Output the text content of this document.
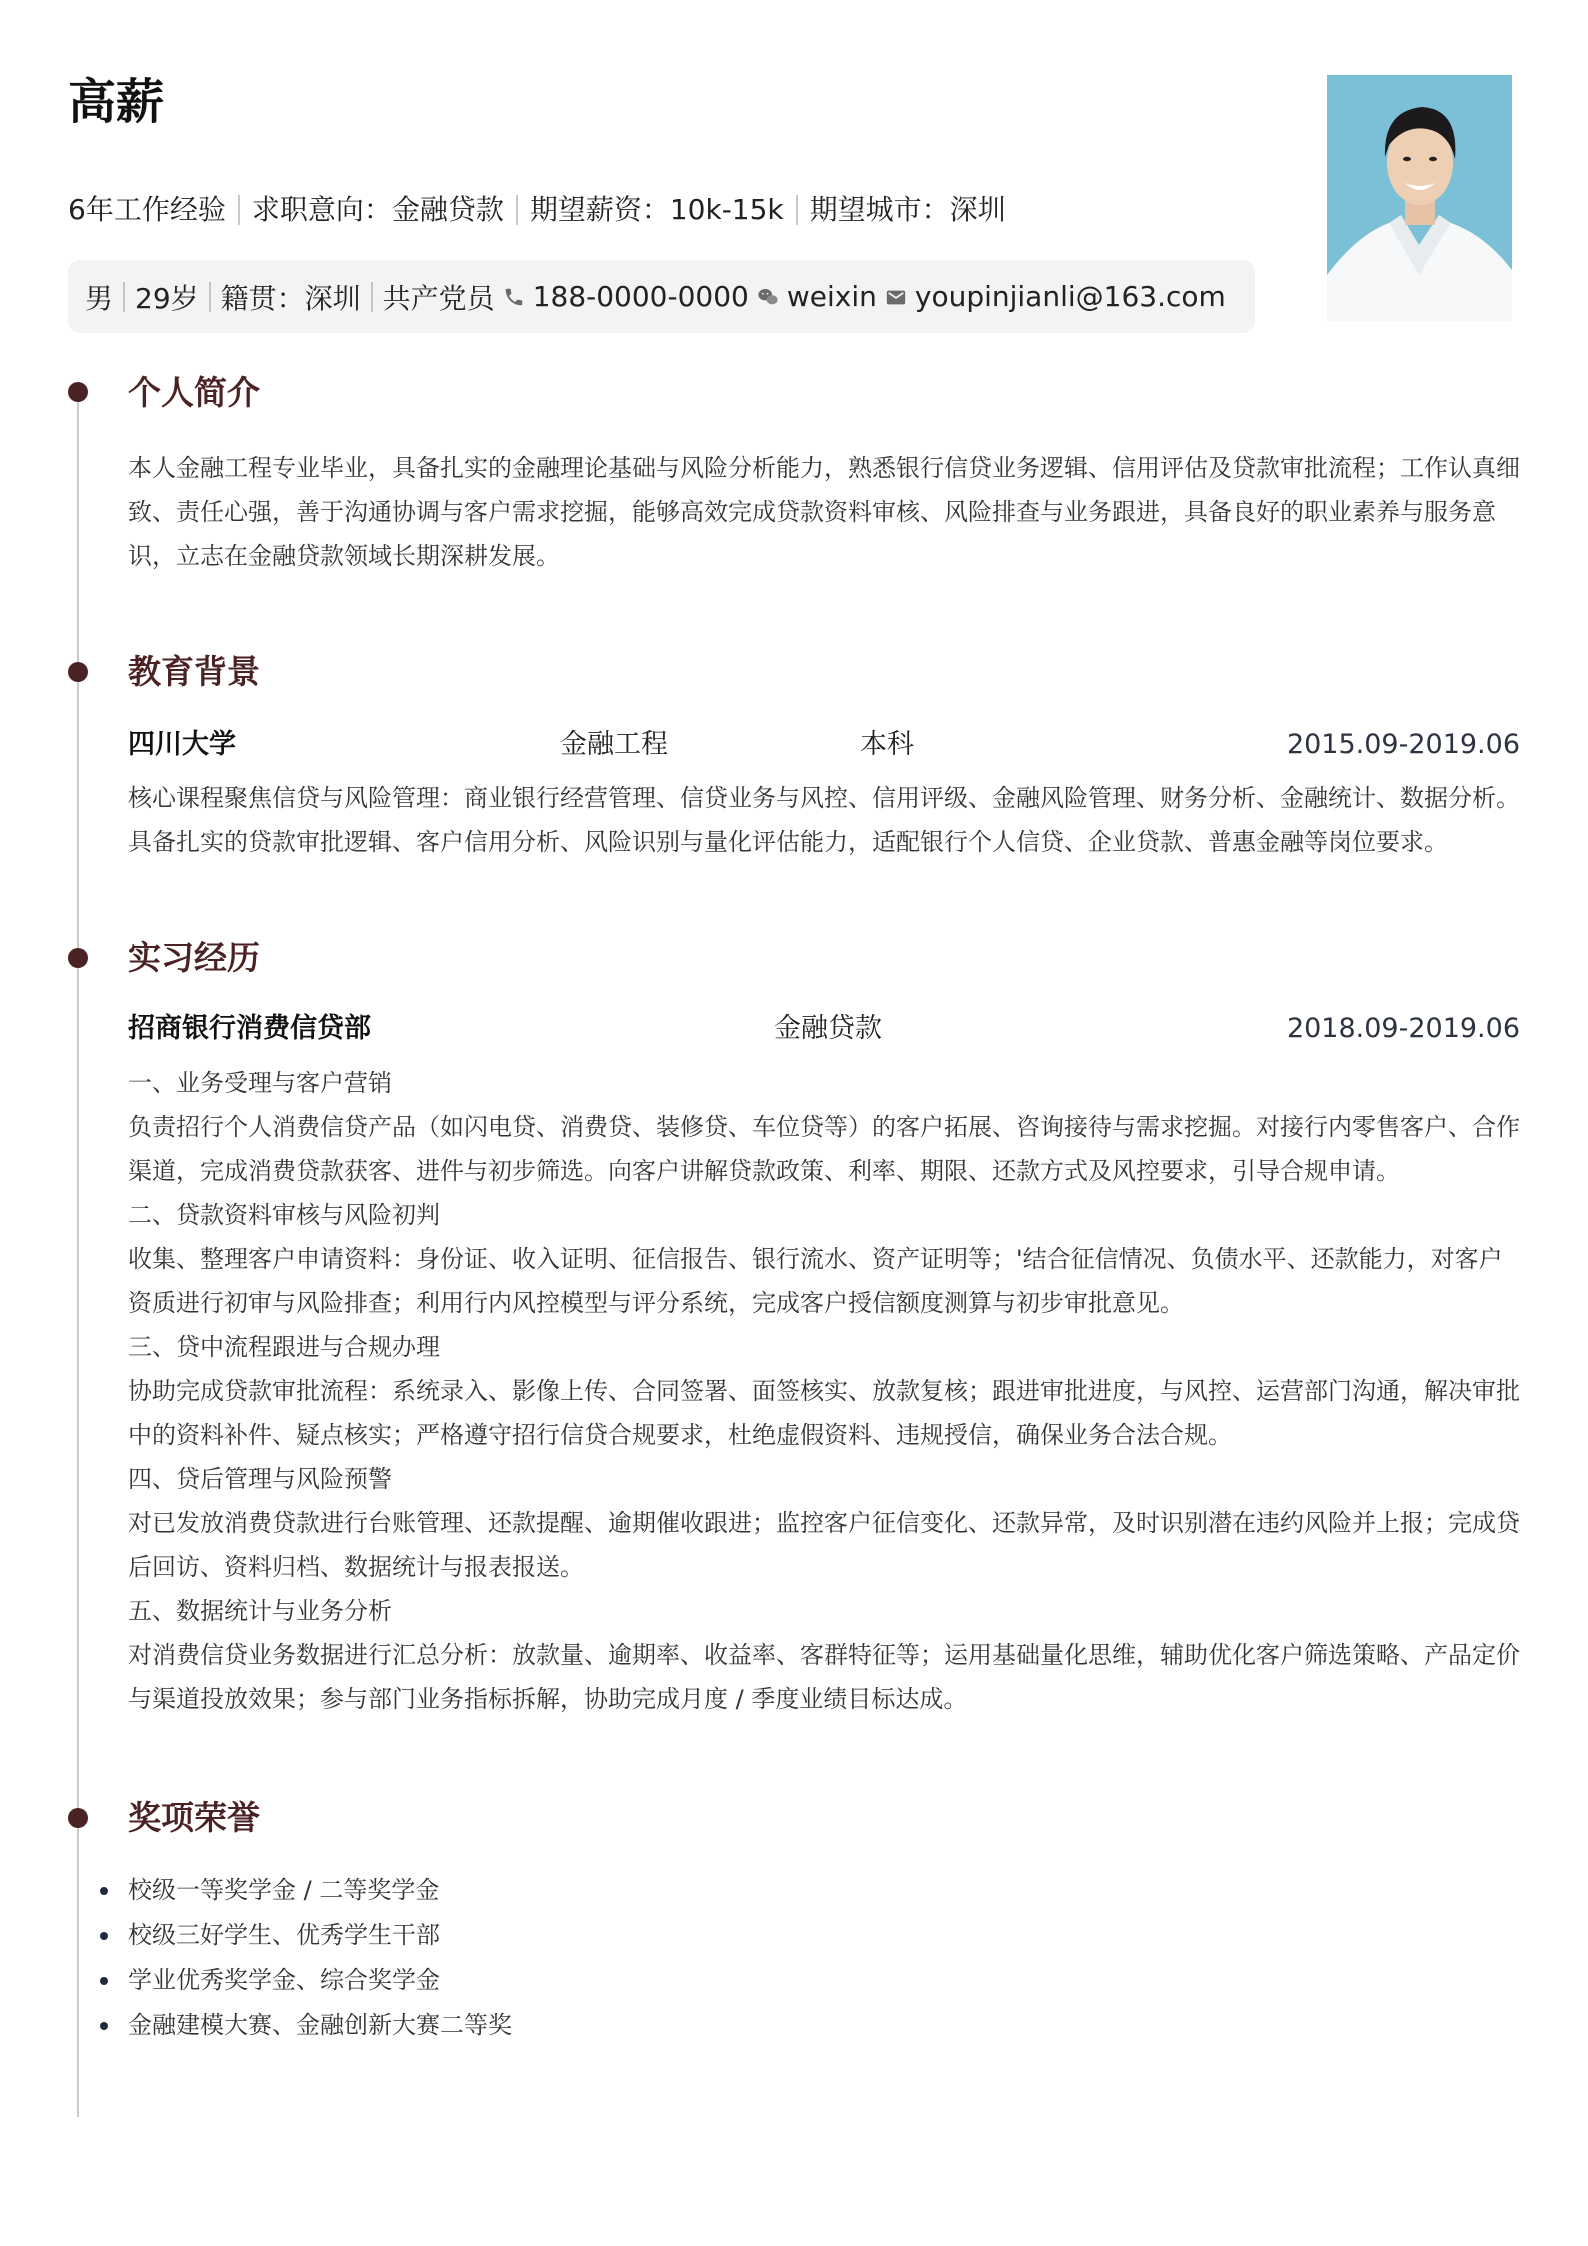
高薪
6年工作经验 求职意向：金融贷款 期望薪资：10k-15k 期望城市：深圳
男 29岁 籍贯：深圳 共产党员 188-0000-0000 weixin youpinjianli@163.com
个人简介
本人金融工程专业毕业，具备扎实的金融理论基础与风险分析能力，熟悉银行信贷业务逻辑、信用评估及贷款审批流程；工作认真细
致、责任心强，善于沟通协调与客户需求挖掘，能够高效完成贷款资料审核、风险排查与业务跟进，具备良好的职业素养与服务意
识，立志在金融贷款领域长期深耕发展。
教育背景
四川大学	金融工程	本科	2015.09-2019.06
核心课程聚焦信贷与风险管理：商业银行经营管理、信贷业务与风控、信用评级、金融风险管理、财务分析、金融统计、数据分析。
具备扎实的贷款审批逻辑、客户信用分析、风险识别与量化评估能力，适配银行个人信贷、企业贷款、普惠金融等岗位要求。
实习经历
招商银行消费信贷部	金融贷款	2018.09-2019.06
一、业务受理与客户营销
负责招行个人消费信贷产品（如闪电贷、消费贷、装修贷、车位贷等）的客户拓展、咨询接待与需求挖掘。对接行内零售客户、合作
渠道，完成消费贷款获客、进件与初步筛选。向客户讲解贷款政策、利率、期限、还款方式及风控要求，引导合规申请。
二、贷款资料审核与风险初判
收集、整理客户申请资料：身份证、收入证明、征信报告、银行流水、资产证明等；'结合征信情况、负债水平、还款能力，对客户
资质进行初审与风险排查；利用行内风控模型与评分系统，完成客户授信额度测算与初步审批意见。
三、贷中流程跟进与合规办理
协助完成贷款审批流程：系统录入、影像上传、合同签署、面签核实、放款复核；跟进审批进度，与风控、运营部门沟通，解决审批
中的资料补件、疑点核实；严格遵守招行信贷合规要求，杜绝虚假资料、违规授信，确保业务合法合规。
四、贷后管理与风险预警
对已发放消费贷款进行台账管理、还款提醒、逾期催收跟进；监控客户征信变化、还款异常，及时识别潜在违约风险并上报；完成贷
后回访、资料归档、数据统计与报表报送。
五、数据统计与业务分析
对消费信贷业务数据进行汇总分析：放款量、逾期率、收益率、客群特征等；运用基础量化思维，辅助优化客户筛选策略、产品定价
与渠道投放效果；参与部门业务指标拆解，协助完成月度 / 季度业绩目标达成。
奖项荣誉
校级一等奖学金 / 二等奖学金
校级三好学生、优秀学生干部
学业优秀奖学金、综合奖学金
金融建模大赛、金融创新大赛二等奖
